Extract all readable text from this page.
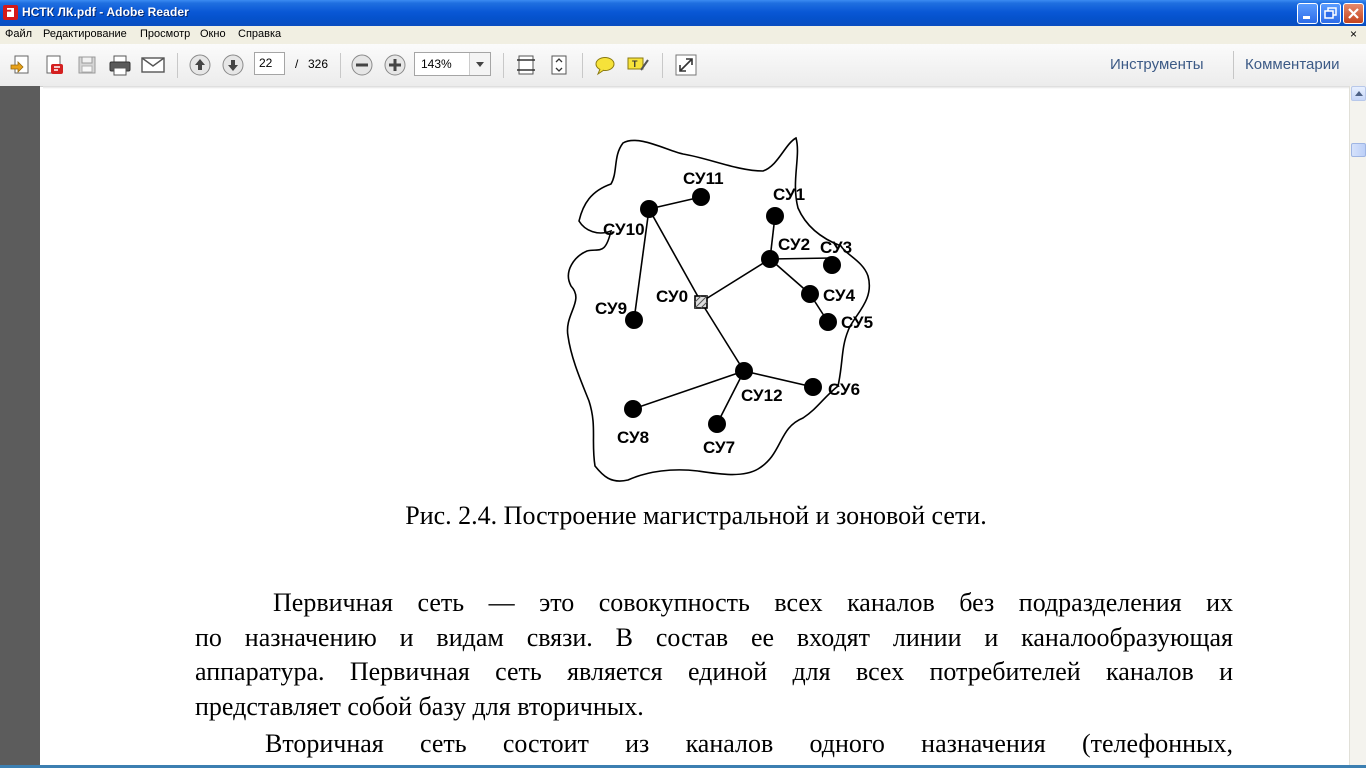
НСТК ЛК.pdf - Adobe Reader
Файл Редактирование Просмотр Окно Справка	×
T
22	/ 326	143%	Инструменты	Комментарии
СУ11
СУ10
СУ1
СУ2 СУ3
СУ4
СУ5
СУ0
СУ9
СУ12	СУ6
СУ8
СУ7
Рис. 2.4. Построение магистральной и зоновой сети.
Первичная сеть — это совокупность всех каналов без подразделения их
по назначению и видам связи. В состав ее входят линии и каналообразующая
аппаратура. Первичная сеть является единой для всех потребителей каналов и
представляет собой базу для вторичных.
Вторичная сеть состоит из каналов одного назначения (телефонных,
